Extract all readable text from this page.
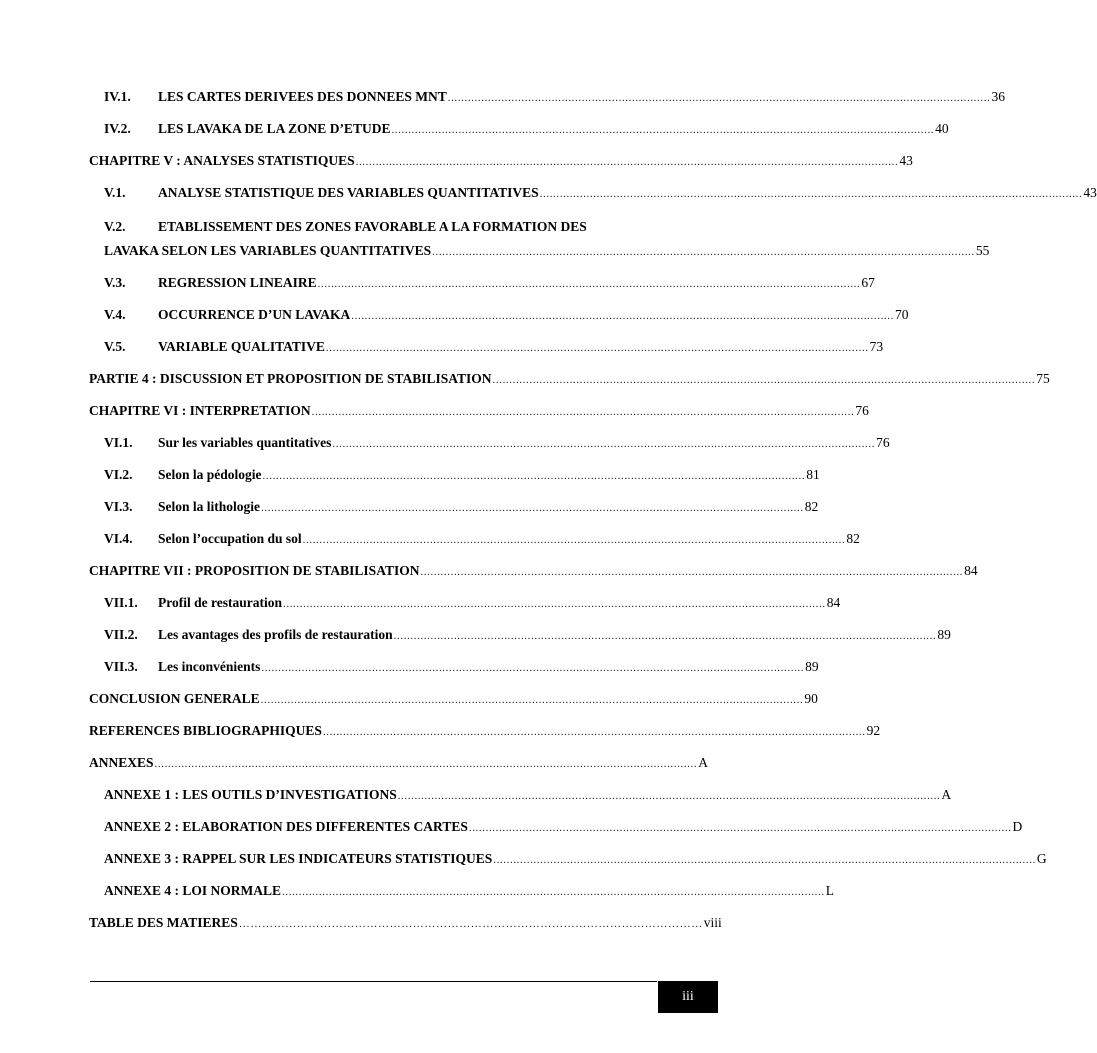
IV.1.	LES CARTES DERIVEES DES DONNEES MNT .................................................................................................................................................................. 36
IV.2.	LES LAVAKA DE LA ZONE D’ETUDE .................................................................................................................................................................. 40
CHAPITRE V : ANALYSES STATISTIQUES .................................................................................................................................................................. 43
V.1.	ANALYSE STATISTIQUE DES VARIABLES QUANTITATIVES .................................................................................................................................................................. 43
V.2. ETABLISSEMENT DES ZONES FAVORABLE A LA FORMATION DES
LAVAKA SELON LES VARIABLES QUANTITATIVES .................................................................................................................................................................. 55
V.3.	REGRESSION LINEAIRE .................................................................................................................................................................. 67
V.4.	OCCURRENCE D’UN LAVAKA .................................................................................................................................................................. 70
V.5.	VARIABLE QUALITATIVE .................................................................................................................................................................. 73
PARTIE 4 : DISCUSSION ET PROPOSITION DE STABILISATION .................................................................................................................................................................. 75
CHAPITRE VI : INTERPRETATION .................................................................................................................................................................. 76
VI.1.	Sur les variables quantitatives .................................................................................................................................................................. 76
VI.2.	Selon la pédologie .................................................................................................................................................................. 81
VI.3.	Selon la lithologie .................................................................................................................................................................. 82
VI.4.	Selon l’occupation du sol .................................................................................................................................................................. 82
CHAPITRE VII : PROPOSITION DE STABILISATION .................................................................................................................................................................. 84
VII.1.	Profil de restauration .................................................................................................................................................................. 84
VII.2.	Les avantages des profils de restauration .................................................................................................................................................................. 89
VII.3.	Les inconvénients .................................................................................................................................................................. 89
CONCLUSION GENERALE .................................................................................................................................................................. 90
REFERENCES BIBLIOGRAPHIQUES .................................................................................................................................................................. 92
ANNEXES .................................................................................................................................................................. A
ANNEXE 1 : LES OUTILS D’INVESTIGATIONS .................................................................................................................................................................. A
ANNEXE 2 : ELABORATION DES DIFFERENTES CARTES .................................................................................................................................................................. D
ANNEXE 3 : RAPPEL SUR LES INDICATEURS STATISTIQUES .................................................................................................................................................................. G
ANNEXE 4 : LOI NORMALE .................................................................................................................................................................. L
TABLE DES MATIERES ………………………………………………………………………………………………………… viii
iii
